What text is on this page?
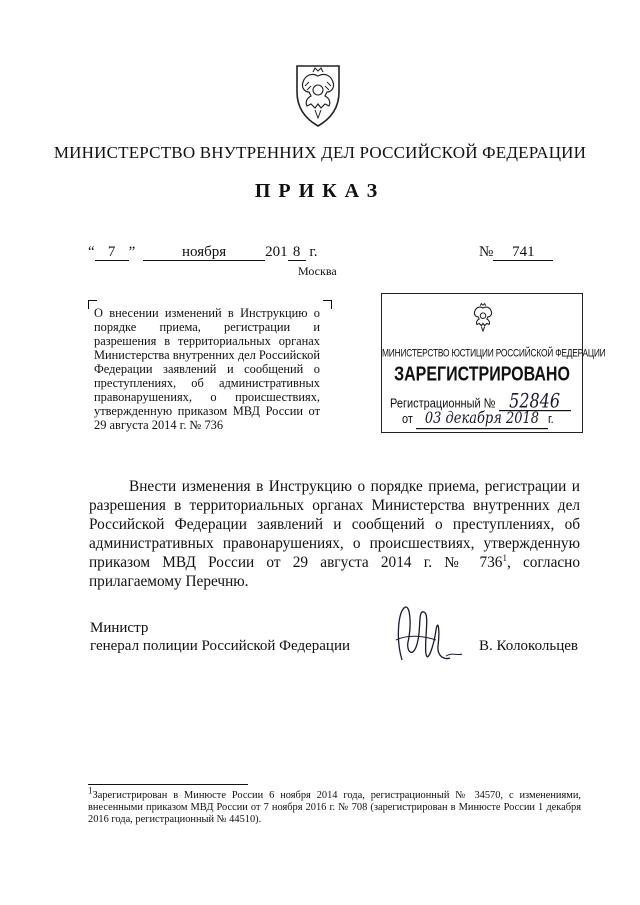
МИНИСТЕРСТВО ВНУТРЕННИХ ДЕЛ РОССИЙСКОЙ ФЕДЕРАЦИИ
ПРИКАЗ
“ 7 ”	ноября	201 8 г.
Москва
№ 741
О внесении изменений в Инструкцию о порядке приема, регистрации и разрешения в территориальных органах Министерства внутренних дел Российской Федерации заявлений и сообщений о преступлениях, об административных правонарушениях, о происшествиях, утвержденную приказом МВД России от 29 августа 2014 г. № 736
МИНИСТЕРСТВО ЮСТИЦИИ РОССИЙСКОЙ ФЕДЕРАЦИИ
ЗАРЕГИСТРИРОВАНО
Регистрационный № 52846
от 03 декабря 2018 г.
Внести изменения в Инструкцию о порядке приема, регистрации и разрешения в территориальных органах Министерства внутренних дел Российской Федерации заявлений и сообщений о преступлениях, об административных правонарушениях, о происшествиях, утвержденную приказом МВД России от 29 августа 2014 г. № $736^1$, согласно прилагаемому Перечню.
Министр
генерал полиции Российской Федерации	В. Колокольцев
$^1$Зарегистрирован в Минюсте России 6 ноября 2014 года, регистрационный № 34570, с изменениями, внесенными приказом МВД России от 7 ноября 2016 г. № 708 (зарегистрирован в Минюсте России 1 декабря 2016 года, регистрационный № 44510).
